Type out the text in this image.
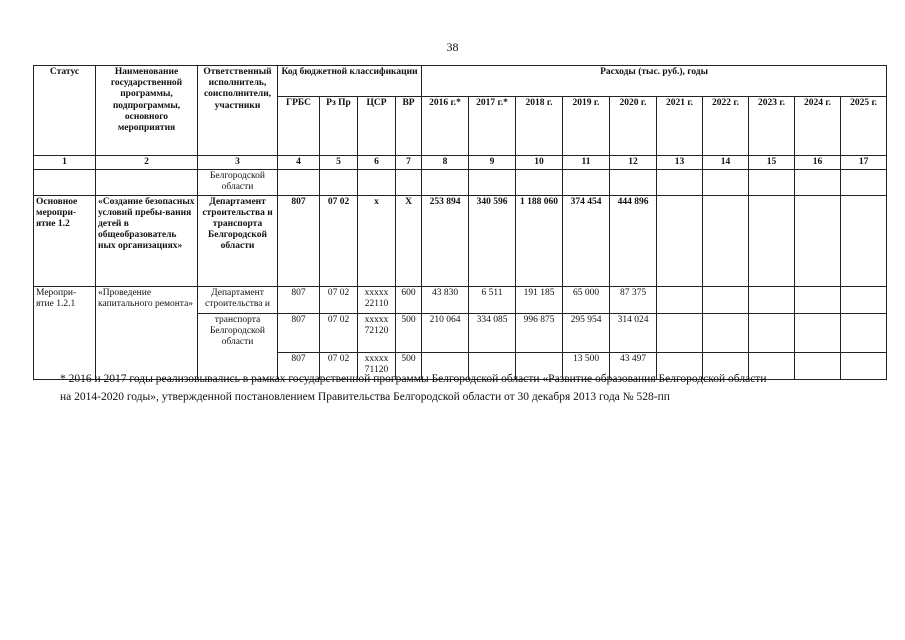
38
Статус	Наименование государственной программы, подпрограммы, основного мероприятия	Ответственный исполнитель, соисполнители, участники	Код бюджетной классификации				Расходы (тыс. руб.), годы									
			ГРБС	Рз Пр	ЦСР	ВР	2016 г.*	2017 г.*	2018 г.	2019 г.	2020 г.	2021 г.	2022 г.	2023 г.	2024 г.	2025 г.
1	2	3	4	5	6	7	8	9	10	11	12	13	14	15	16	17
		Белгородской области														
Основное меропри-ятие 1.2	«Создание безопасных условий пребы-вания детей в общеобразователь ных организациях»	Департамент строительства и транспорта Белгородской области	807	07 02	х	Х	253 894	340 596	1 188 060	374 454	444 896					
Меропри-ятие 1.2.1	«Проведение капитального ремонта»	Департамент строительства и	807	07 02	ххххх 22110	600	43 830	6 511	191 185	65 000	87 375					
		транспорта Белгородской области	807	07 02	ххххх 72120	500	210 064	334 085	996 875	295 954	314 024					
			807	07 02	ххххх 71120	500				13 500	43 497					
* 2016 и 2017 годы реализовывались в рамках государственной программы Белгородской области «Развитие образования Белгородской области
на 2014-2020 годы», утвержденной постановлением Правительства Белгородской области от 30 декабря 2013 года № 528-пп
